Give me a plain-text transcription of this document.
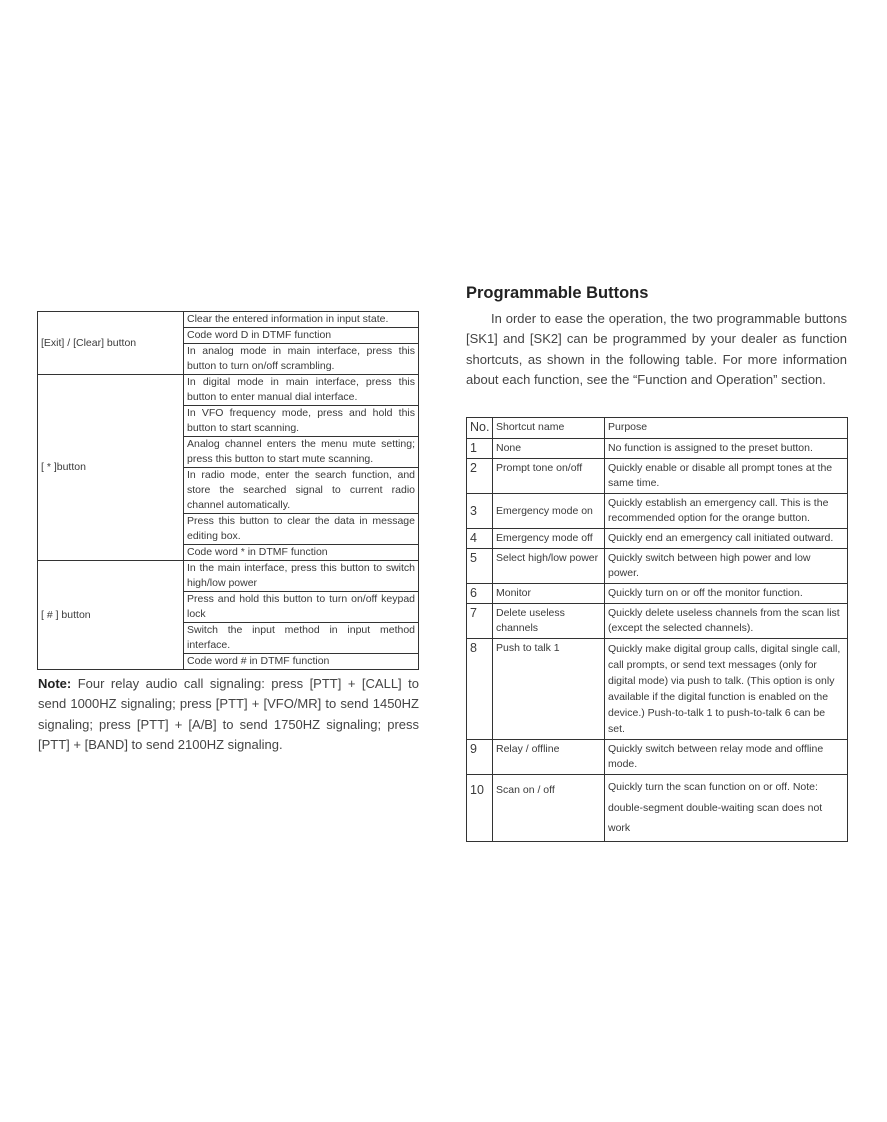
[Exit] / [Clear] button	Clear the entered information in input state.
	Code word D in DTMF function
	In analog mode in main interface, press this button to turn on/off scrambling.
[ * ]button	In digital mode in main interface, press this button to enter manual dial interface.
	In VFO frequency mode, press and hold this button to start scanning.
	Analog channel enters the menu mute setting; press this button to start mute scanning.
	In radio mode, enter the search function, and store the searched signal to current radio channel automatically.
	Press this button to clear the data in message editing box.
	Code word * in DTMF function
[ # ] button	In the main interface, press this button to switch high/low power
	Press and hold this button to turn on/off keypad lock
	Switch the input method in input method interface.
	Code word # in DTMF function

Note: Four relay audio call signaling: press [PTT] + [CALL] to send 1000HZ signaling; press [PTT] + [VFO/MR] to send 1450HZ signaling; press [PTT] + [A/B] to send 1750HZ signaling; press [PTT] + [BAND] to send 2100HZ signaling.

Programmable Buttons

In order to ease the operation, the two programmable buttons [SK1] and [SK2] can be programmed by your dealer as function shortcuts, as shown in the following table. For more information about each function, see the “Function and Operation” section.

No.	Shortcut name	Purpose
1	None	No function is assigned to the preset button.
2	Prompt tone on/off	Quickly enable or disable all prompt tones at the same time.
3	Emergency mode on	Quickly establish an emergency call. This is the recommended option for the orange button.
4	Emergency mode off	Quickly end an emergency call initiated outward.
5	Select high/low power	Quickly switch between high power and low power.
6	Monitor	Quickly turn on or off the monitor function.
7	Delete useless channels	Quickly delete useless channels from the scan list (except the selected channels).
8	Push to talk 1	Quickly make digital group calls, digital single call, call prompts, or send text messages (only for digital mode) via push to talk. (This option is only available if the digital function is enabled on the device.) Push-to-talk 1 to push-to-talk 6 can be set.
9	Relay / offline	Quickly switch between relay mode and offline mode.
10	Scan on / off	Quickly turn the scan function on or off. Note: double-segment double-waiting scan does not work
